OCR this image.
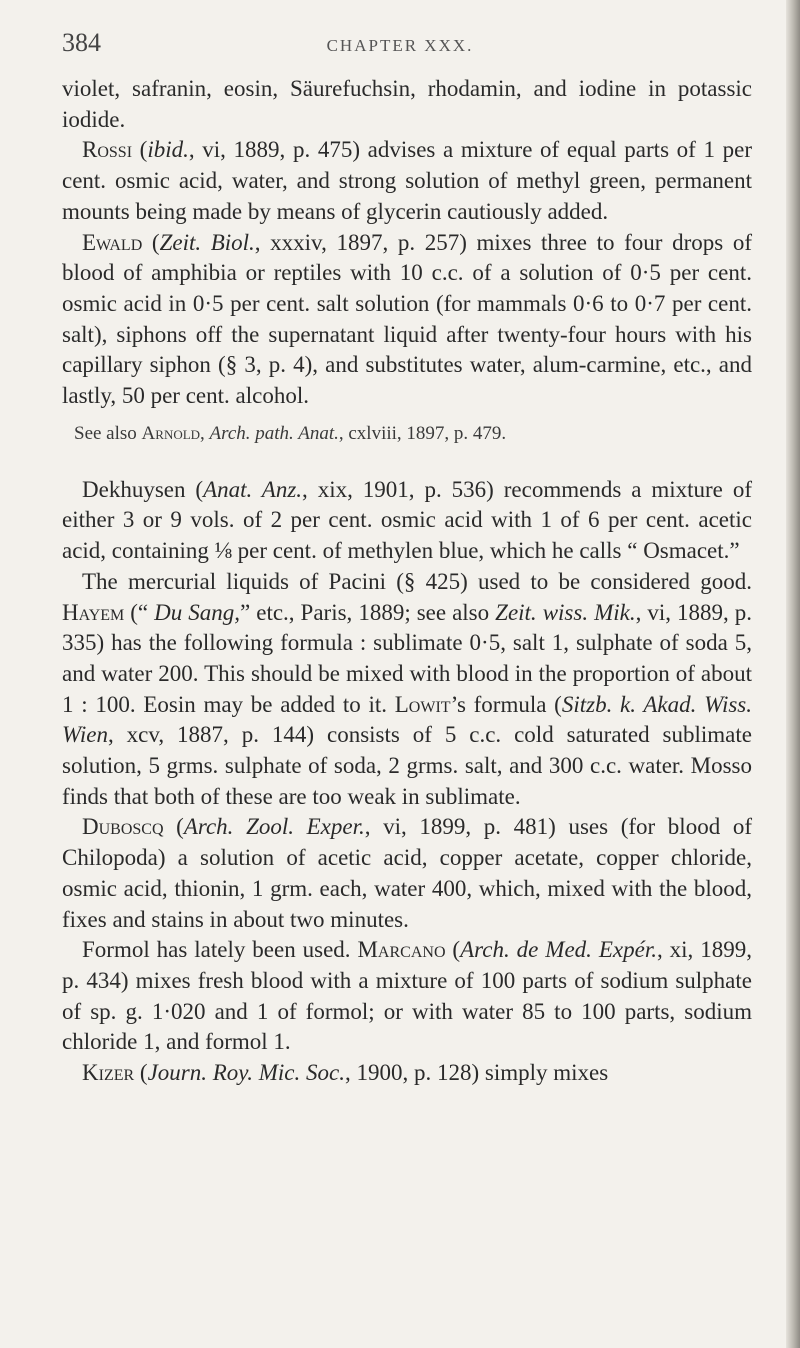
384	CHAPTER XXX.

violet, safranin, eosin, Säurefuchsin, rhodamin, and iodine in potassic iodide.

Rossi (ibid., vi, 1889, p. 475) advises a mixture of equal parts of 1 per cent. osmic acid, water, and strong solution of methyl green, permanent mounts being made by means of glycerin cautiously added.

Ewald (Zeit. Biol., xxxiv, 1897, p. 257) mixes three to four drops of blood of amphibia or reptiles with 10 c.c. of a solution of 0·5 per cent. osmic acid in 0·5 per cent. salt solution (for mammals 0·6 to 0·7 per cent. salt), siphons off the supernatant liquid after twenty-four hours with his capillary siphon (§ 3, p. 4), and substitutes water, alum-carmine, etc., and lastly, 50 per cent. alcohol.

See also Arnold, Arch. path. Anat., cxlviii, 1897, p. 479.

Dekhuysen (Anat. Anz., xix, 1901, p. 536) recommends a mixture of either 3 or 9 vols. of 2 per cent. osmic acid with 1 of 6 per cent. acetic acid, containing ⅛ per cent. of methylen blue, which he calls “ Osmacet.”

The mercurial liquids of Pacini (§ 425) used to be considered good. Hayem (“ Du Sang,” etc., Paris, 1889; see also Zeit. wiss. Mik., vi, 1889, p. 335) has the following formula : sublimate 0·5, salt 1, sulphate of soda 5, and water 200. This should be mixed with blood in the proportion of about 1 : 100. Eosin may be added to it. Lowit’s formula (Sitzb. k. Akad. Wiss. Wien, xcv, 1887, p. 144) consists of 5 c.c. cold saturated sublimate solution, 5 grms. sulphate of soda, 2 grms. salt, and 300 c.c. water. Mosso finds that both of these are too weak in sublimate.

Duboscq (Arch. Zool. Exper., vi, 1899, p. 481) uses (for blood of Chilopoda) a solution of acetic acid, copper acetate, copper chloride, osmic acid, thionin, 1 grm. each, water 400, which, mixed with the blood, fixes and stains in about two minutes.

Formol has lately been used. Marcano (Arch. de Med. Expér., xi, 1899, p. 434) mixes fresh blood with a mixture of 100 parts of sodium sulphate of sp. g. 1·020 and 1 of formol; or with water 85 to 100 parts, sodium chloride 1, and formol 1.

Kizer (Journ. Roy. Mic. Soc., 1900, p. 128) simply mixes
